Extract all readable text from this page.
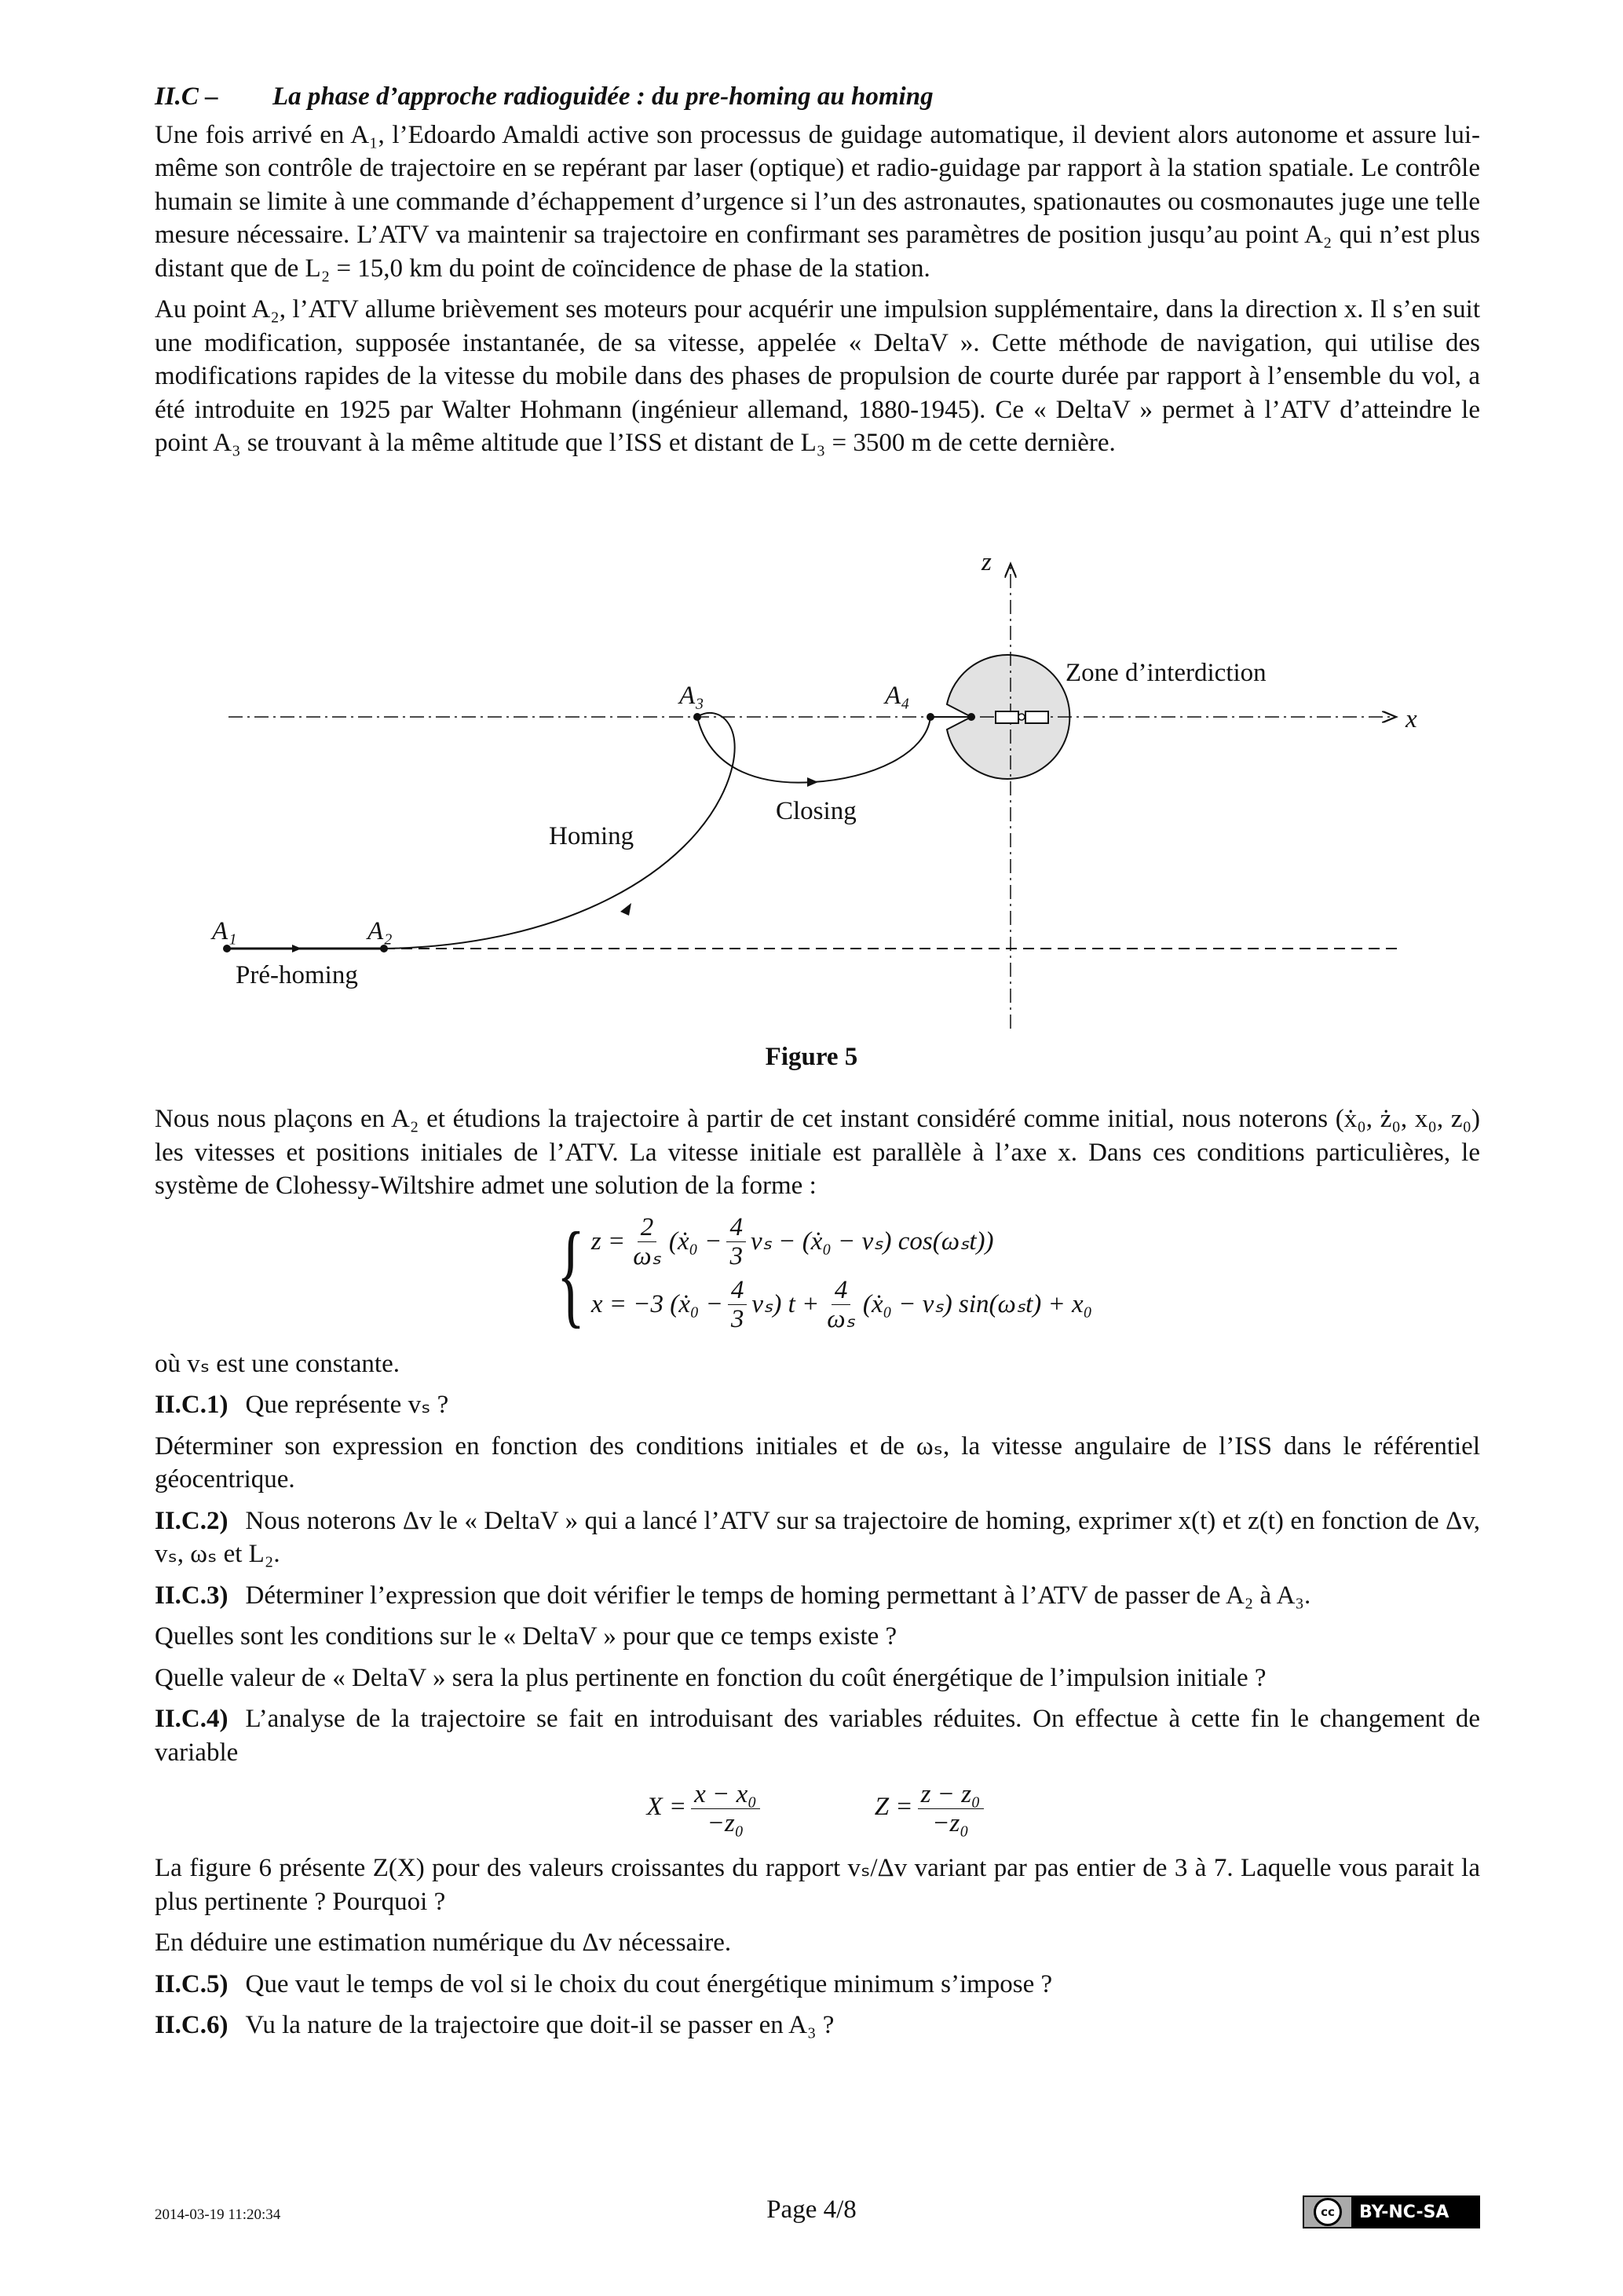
II.C – La phase d’approche radioguidée : du pre-homing au homing

Une fois arrivé en A₁, l’Edoardo Amaldi active son processus de guidage automatique, il devient alors autonome et assure lui-même son contrôle de trajectoire en se repérant par laser (optique) et radio-guidage par rapport à la station spatiale. Le contrôle humain se limite à une commande d’échappement d’urgence si l’un des astronautes, spationautes ou cosmonautes juge une telle mesure nécessaire. L’ATV va maintenir sa trajectoire en confirmant ses paramètres de position jusqu’au point A₂ qui n’est plus distant que de L₂ = 15,0 km du point de coïncidence de phase de la station.

Au point A₂, l’ATV allume brièvement ses moteurs pour acquérir une impulsion supplémentaire, dans la direction x. Il s’en suit une modification, supposée instantanée, de sa vitesse, appelée « DeltaV ». Cette méthode de navigation, qui utilise des modifications rapides de la vitesse du mobile dans des phases de propulsion de courte durée par rapport à l’ensemble du vol, a été introduite en 1925 par Walter Hohmann (ingénieur allemand, 1880-1945). Ce « DeltaV » permet à l’ATV d’atteindre le point A₃ se trouvant à la même altitude que l’ISS et distant de L₃ = 3500 m de cette dernière.

z
x
A₁	A₂
A₃	A₄
Pré-homing
Homing
Closing
Zone d’interdiction
Figure 5

Nous nous plaçons en A₂ et étudions la trajectoire à partir de cet instant considéré comme initial, nous noterons (ẋ₀, ż₀, x₀, z₀) les vitesses et positions initiales de l’ATV. La vitesse initiale est parallèle à l’axe x. Dans ces conditions particulières, le système de Clohessy-Wiltshire admet une solution de la forme :

{ $z = \frac{2}{\text{ωₛ}}$ (ẋ₀ − $\frac{4}{3}$ vₛ − (ẋ₀ − vₛ) cos(ωₛt))
x = −3
(ẋ₀ − $\frac{4}{3} v_s$) $t + \frac{4}{\text{ωₛ}}$ (ẋ₀ − vₛ) sin(ωₛt) + x₀

où vₛ est une constante.

II.C.1) Que représente vₛ ?

Déterminer son expression en fonction des conditions initiales et de ωₛ, la vitesse angulaire de l’ISS dans le référentiel géocentrique.

II.C.2) Nous noterons Δv le « DeltaV » qui a lancé l’ATV sur sa trajectoire de homing, exprimer x(t) et z(t) en fonction de Δv, vₛ, ωₛ et L₂.

II.C.3) Déterminer l’expression que doit vérifier le temps de homing permettant à l’ATV de passer de A₂ à A₃.

Quelles sont les conditions sur le « DeltaV » pour que ce temps existe ?

Quelle valeur de « DeltaV » sera la plus pertinente en fonction du coût énergétique de l’impulsion initiale ?

II.C.4) L’analyse de la trajectoire se fait en introduisant des variables réduites. On effectue à cette fin le changement de variable

$X = \frac{\text{x − x₀}}{\text{−z₀}}$	$Z = \frac{\text{z − z₀}}{\text{−z₀}}$

La figure 6 présente Z(X) pour des valeurs croissantes du rapport vₛ/Δv variant par pas entier de 3 à 7. Laquelle vous parait la plus pertinente ? Pourquoi ?

En déduire une estimation numérique du Δv nécessaire.

II.C.5) Que vaut le temps de vol si le choix du cout énergétique minimum s’impose ?

II.C.6) Vu la nature de la trajectoire que doit-il se passer en A₃ ?

2014-03-19 11:20:34	Page 4/8	cc	BY-NC-SA
